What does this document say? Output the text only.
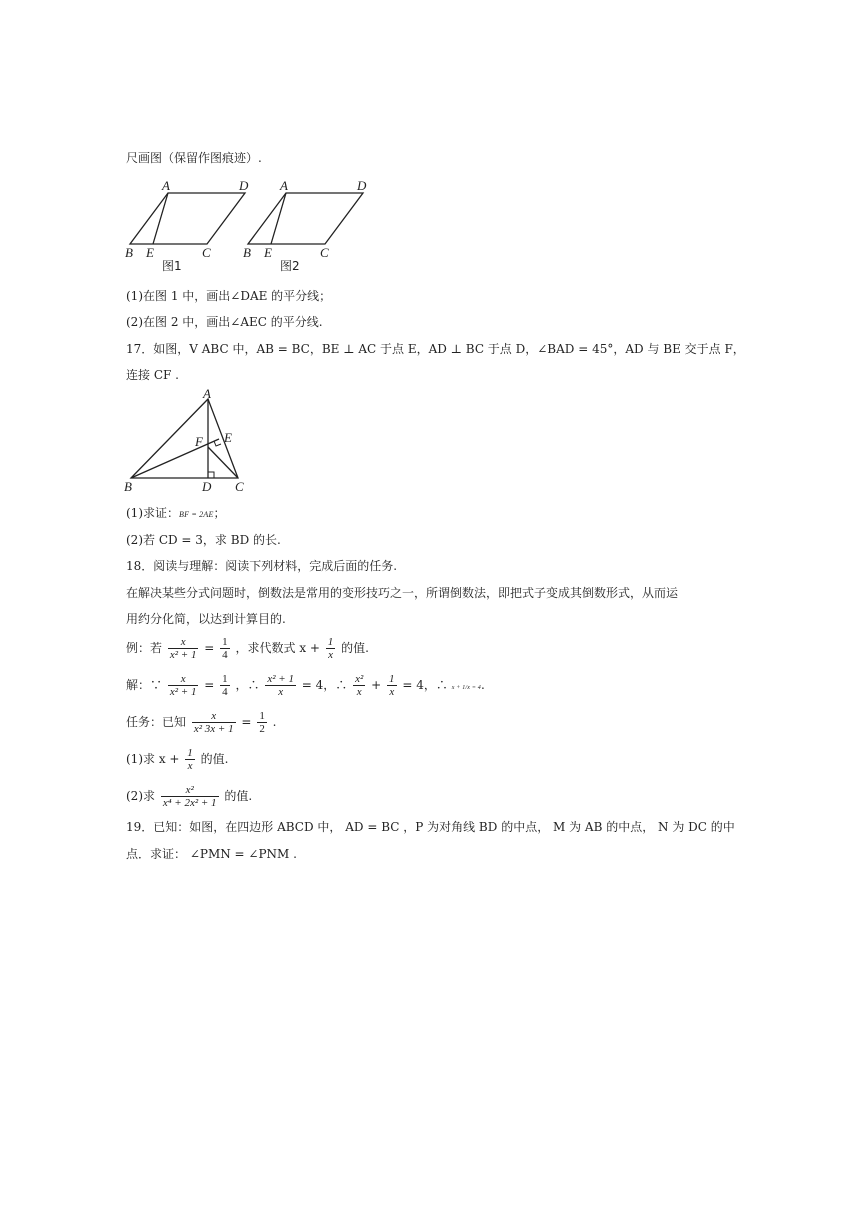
尺画图（保留作图痕迹）.
A	D
B E	C
图1
A	D
B E	C
图2
(1)在图 1 中，画出∠DAE 的平分线；
(2)在图 2 中，画出∠AEC 的平分线.
17．如图，V ABC 中，AB = BC，BE ⊥ AC 于点 E，AD ⊥ BC 于点 D，∠BAD = 45°，AD 与 BE 交于点 F，
连接 CF .
A
E
F
B	D C
(1)求证：BF = 2AE；
(2)若 CD = 3，求 BD 的长.
18．阅读与理解：阅读下列材料，完成后面的任务.
在解决某些分式问题时，倒数法是常用的变形技巧之一，所谓倒数法，即把式子变成其倒数形式，从而运
用约分化简，以达到计算目的.
例：若 $\frac{x}{\text{x² + 1}} = \frac{1}{4}$ ，求代数式 $x + \frac{1}{x}$ 的值.
解：∵ $\frac{x}{\text{x² + 1}} = \frac{1}{4}$ ，∴ $\frac{\text{x² + 1}}{x} = 4$，∴ $\frac{\text{x²}}{x} + \frac{1}{x} = 4$，∴ x + 1/x = 4.
任务：已知 $\frac{x}{\text{x² 3x + 1}} = \frac{1}{2}$ .
(1)求 $x + \frac{1}{x}$ 的值.
(2)求 $\frac{\text{x²}}{\text{x⁴ + 2x² + 1}}$ 的值.
19．已知：如图，在四边形 ABCD 中， AD = BC ，P 为对角线 BD 的中点， M 为 AB 的中点， N 为 DC 的中
点．求证： ∠PMN = ∠PNM .
